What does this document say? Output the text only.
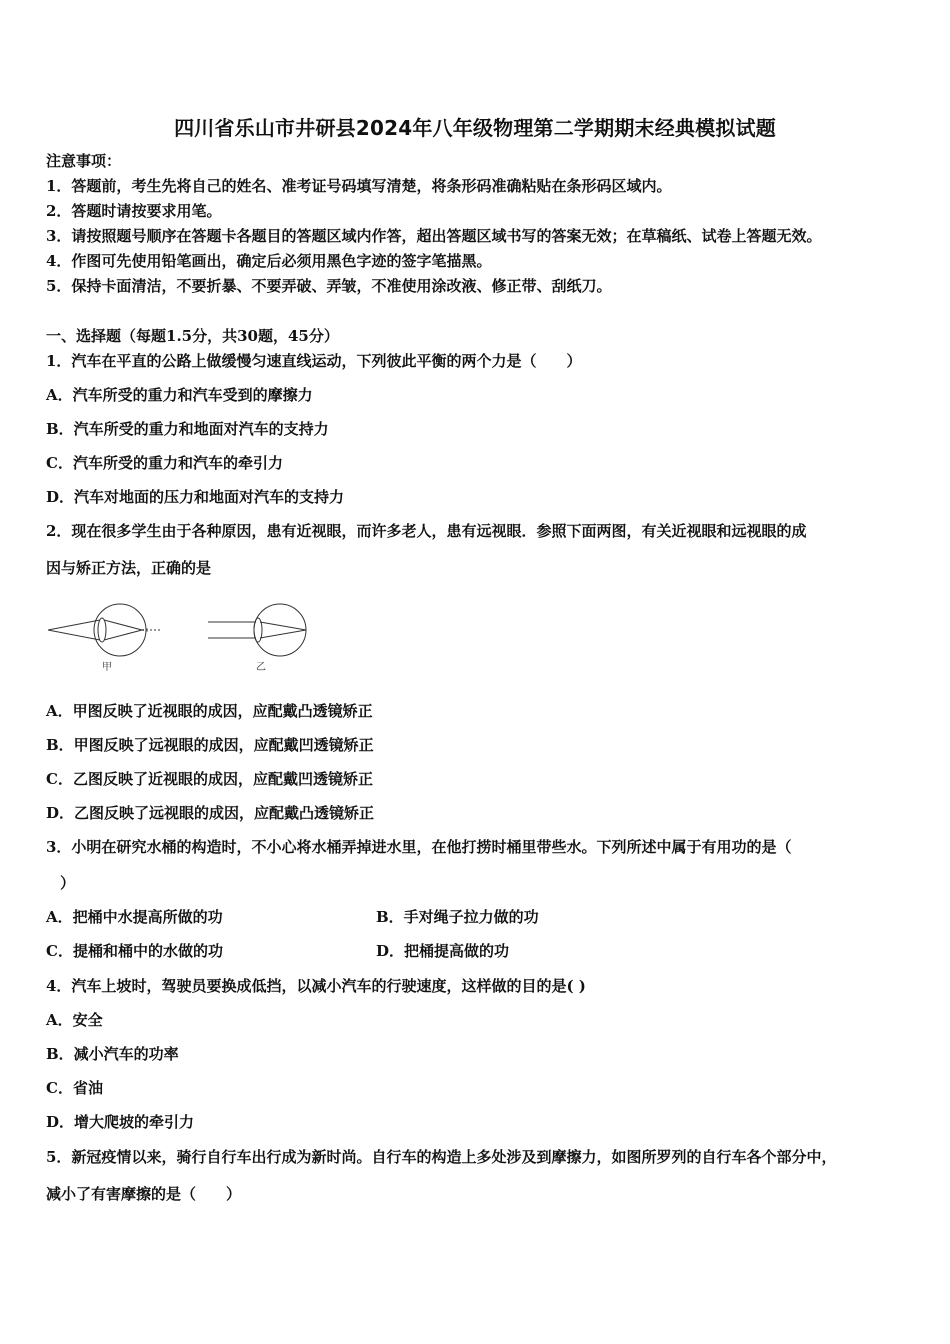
四川省乐山市井研县2024年八年级物理第二学期期末经典模拟试题
注意事项：
1．答题前，考生先将自己的姓名、准考证号码填写清楚，将条形码准确粘贴在条形码区域内。
2．答题时请按要求用笔。
3．请按照题号顺序在答题卡各题目的答题区域内作答，超出答题区域书写的答案无效；在草稿纸、试卷上答题无效。
4．作图可先使用铅笔画出，确定后必须用黑色字迹的签字笔描黑。
5．保持卡面清洁，不要折暴、不要弄破、弄皱，不准使用涂改液、修正带、刮纸刀。
一、选择题（每题1.5分，共30题，45分）
1．汽车在平直的公路上做缓慢匀速直线运动，下列彼此平衡的两个力是（　　）
A．汽车所受的重力和汽车受到的摩擦力
B．汽车所受的重力和地面对汽车的支持力
C．汽车所受的重力和汽车的牵引力
D．汽车对地面的压力和地面对汽车的支持力
2．现在很多学生由于各种原因，患有近视眼，而许多老人，患有远视眼．参照下面两图，有关近视眼和远视眼的成
因与矫正方法，正确的是
甲	乙
A．甲图反映了近视眼的成因，应配戴凸透镜矫正
B．甲图反映了远视眼的成因，应配戴凹透镜矫正
C．乙图反映了近视眼的成因，应配戴凹透镜矫正
D．乙图反映了远视眼的成因，应配戴凸透镜矫正
3．小明在研究水桶的构造时，不小心将水桶弄掉进水里，在他打捞时桶里带些水。下列所述中属于有用功的是（
）
A．把桶中水提高所做的功	B．手对绳子拉力做的功
C．提桶和桶中的水做的功	D．把桶提高做的功
4．汽车上坡时，驾驶员要换成低挡，以减小汽车的行驶速度，这样做的目的是( )
A．安全
B．减小汽车的功率
C．省油
D．增大爬坡的牵引力
5．新冠疫情以来，骑行自行车出行成为新时尚。自行车的构造上多处涉及到摩擦力，如图所罗列的自行车各个部分中，
减小了有害摩擦的是（　　）
